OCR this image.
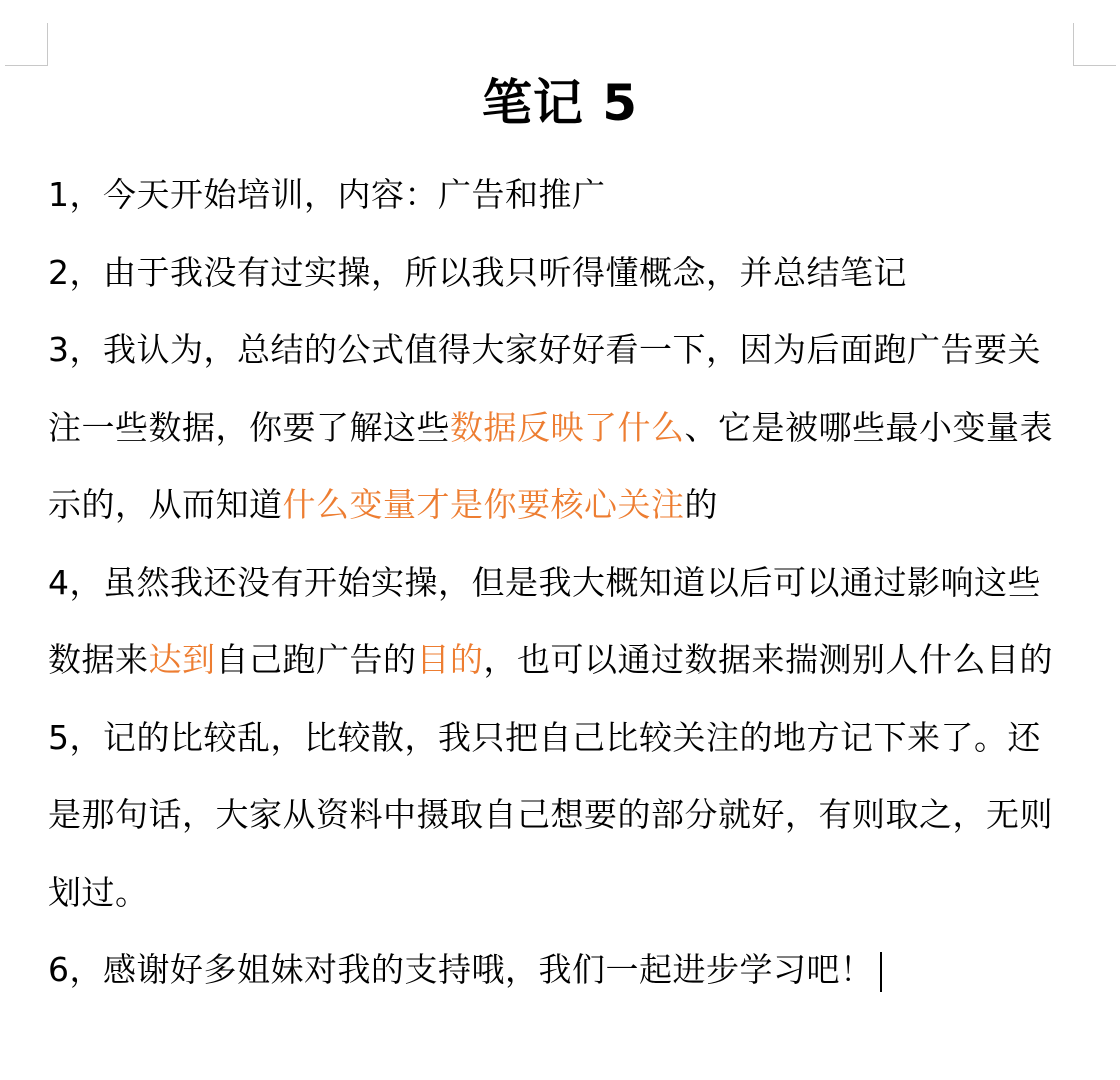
笔记 5

1，今天开始培训，内容：广告和推广

2，由于我没有过实操，所以我只听得懂概念，并总结笔记

3，我认为，总结的公式值得大家好好看一下，因为后面跑广告要关
注一些数据，你要了解这些数据反映了什么、它是被哪些最小变量表
示的，从而知道什么变量才是你要核心关注的

4，虽然我还没有开始实操，但是我大概知道以后可以通过影响这些
数据来达到自己跑广告的目的，也可以通过数据来揣测别人什么目的

5，记的比较乱，比较散，我只把自己比较关注的地方记下来了。还
是那句话，大家从资料中摄取自己想要的部分就好，有则取之，无则
划过。

6，感谢好多姐妹对我的支持哦，我们一起进步学习吧！
